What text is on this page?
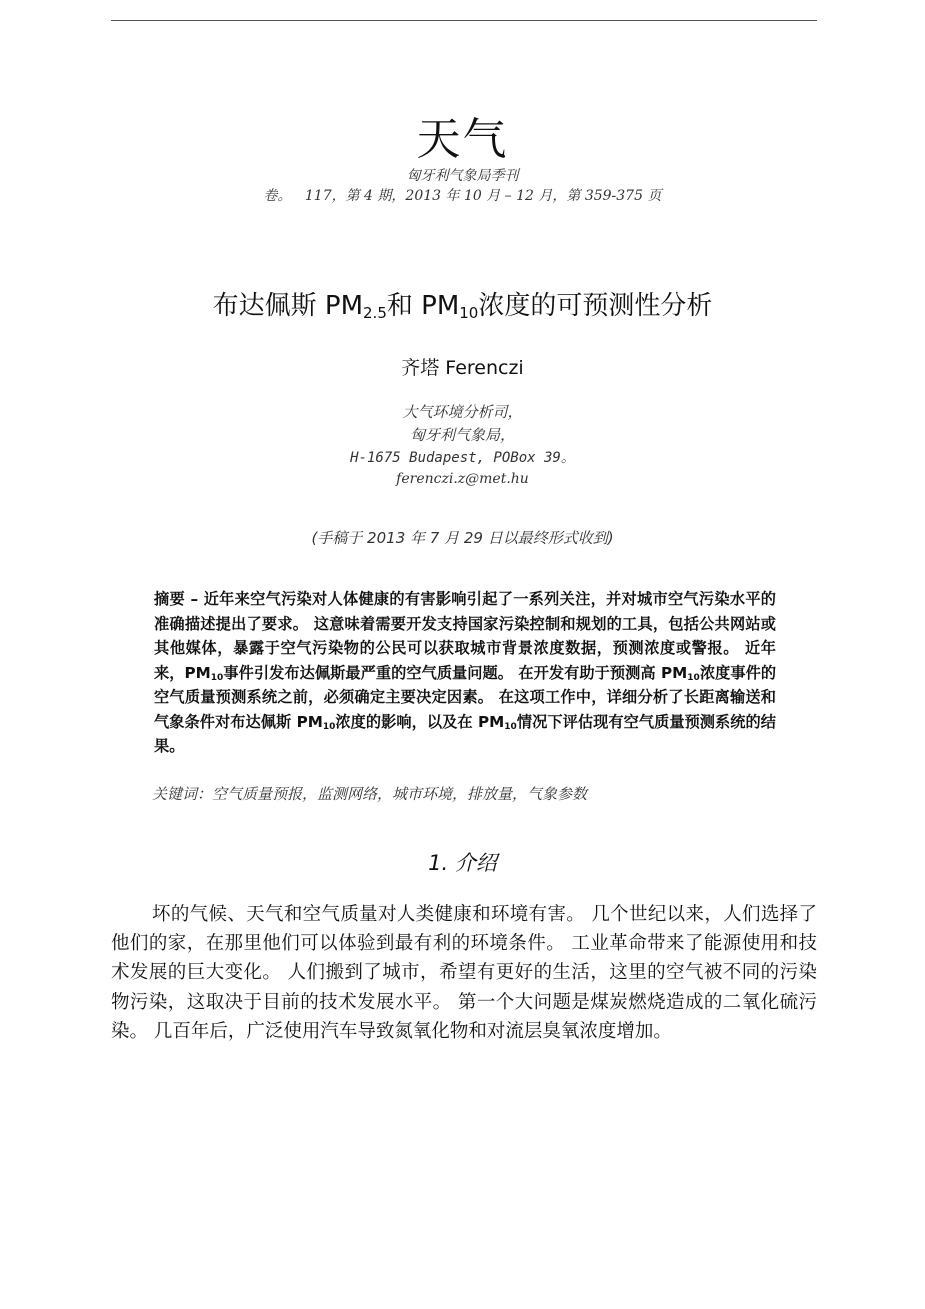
天气
匈牙利气象局季刊
卷。   117，第 4 期，2013 年 10 月 – 12 月，第 359-375 页
布达佩斯 $PM_{2.5}$和 $PM_{10}$浓度的可预测性分析
齐塔 Ferenczi
大气环境分析司，
匈牙利气象局，
H-1675 Budapest, POBox 39。
ferenczi.z@met.hu
(手稿于 2013 年 7 月 29 日以最终形式收到)
摘要 – 近年来空气污染对人体健康的有害影响引起了一系列关注，并对城市空气污染水平的准确描述提出了要求。 这意味着需要开发支持国家污染控制和规划的工具，包括公共网站或其他媒体，暴露于空气污染物的公民可以获取城市背景浓度数据，预测浓度或警报。 近年来，$PM_{10}$事件引发布达佩斯最严重的空气质量问题。 在开发有助于预测高 $PM_{10}$浓度事件的空气质量预测系统之前，必须确定主要决定因素。 在这项工作中，详细分析了长距离输送和气象条件对布达佩斯 $PM_{10}$浓度的影响，以及在 $PM_{10}$情况下评估现有空气质量预测系统的结果。
关键词：空气质量预报，监测网络，城市环境，排放量，气象参数
1. 介绍
坏的气候、天气和空气质量对人类健康和环境有害。 几个世纪以来，人们选择了他们的家，在那里他们可以体验到最有利的环境条件。 工业革命带来了能源使用和技术发展的巨大变化。 人们搬到了城市，希望有更好的生活，这里的空气被不同的污染物污染，这取决于目前的技术发展水平。 第一个大问题是煤炭燃烧造成的二氧化硫污染。 几百年后，广泛使用汽车导致氮氧化物和对流层臭氧浓度增加。
